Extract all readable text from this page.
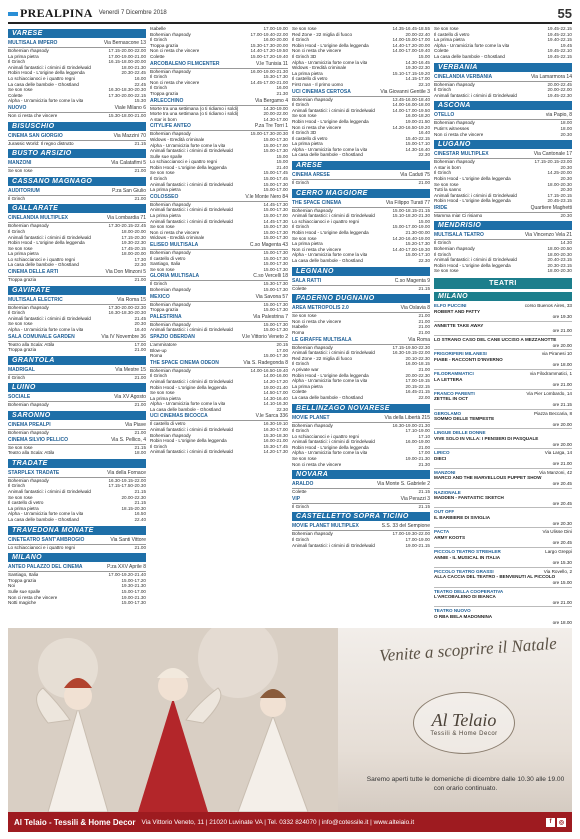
PREALPINA Venerdì 7 Dicembre 2018	55
VARESE
MULTISALA IMPERO	Via Bernascone 13
Bohemian rhapsody	17.15-20.00-22.00
La prima pietra	17.00-19.00-21.00
Il Grinch	16.15-18.00-20.00
Animali fantastici: i crimini di Grindelwald	18.00-21.30
Robin Hood - L'origine della leggenda	20.30-22.45
Lo schiaccianoci e i quattro regni	16.00
La casa delle bambole - Ghostland	22.45
Se son rose	16.30-18.30-20.30
Colette	17.30-20.00-22.15
Alpha - Un'amicizia forte come la vita	15.30
NUOVO	Viale Milano 6
Non ci resta che vincere	15.30-18.00-21.00
BISUSCHIO
CINEMA SAN GIORGIO	Via Mazzini 70
Jurassic World: Il regno distrutto	21.15
BUSTO ARSIZIO
MANZONI	Via Calatafimi 5
Se son rose	21.00
CASSANO MAGNAGO
AUDITORIUM	P.za San Giulio
Il Grinch	21.00
GALLARATE
CINELANDIA MULTIPLEX	Via Lombardia 71
Bohemian rhapsody	17.30-20.15-22.45
Il Grinch	18.00-20.00
Animali fantastici: i crimini di Grindelwald	17.15-20.30
Robin Hood - L'origine della leggenda	19.30-22.30
Se son rose	17.45-20.15
La prima pietra	18.00-20.00
Lo schiaccianoci e i quattro regni	17.30
La casa delle bambole - Ghostland	22.30
CINEMA DELLE ARTI	Via Don Minzoni 5
Troppa grazia	21.00
GAVIRATE
MULTISALA ELECTRIC	Via Roma 15
Bohemian rhapsody	17.30-20.00-22.30
Il Grinch	16.30-18.30-20.30
Animali fantastici: i crimini di Grindelwald	21.45
Se son rose	20.30
Alpha - Un'amicizia forte come la vita	16.40
SALA COMUNALE GARDEN	Via IV Novembre 36
Teatro alla Scala: Attila	17.00
Troppa grazia	21.00
GRANTOLA
MADRIGAL	Via Mestre 15
Il Grinch	21.00
LUINO
SOCIALE	Via XV Agosto
Bohemian rhapsody	21.00
SARONNO
CINEMA PREALPI	Via Piave
Bohemian rhapsody	21.00
CINEMA SILVIO PELLICO	Via S. Pellico, 4
Se son rose	21.15
Teatro alla Scala: Attila	18.00
TRADATE
STARPLEX TRADATE	Via della Fornace
Bohemian rhapsody	16.30-19.15-22.00
Il Grinch	17.15-17.50-20.30
Animali fantastici: i crimini di Grindelwald	21.15
Se son rose	20.00-22.30
Il castello di vetro	21.15
La prima pietra	18.15-20.30
Alpha - Un'amicizia forte come la vita	16.50
La casa delle bambole - Ghostland	22.40
TRAVEDONA MONATE
CINETEATRO SANT'AMBROGIO	Via Santi Vittore
Lo schiaccianoci e i quattro regni	21.00
MILANO
ANTEO PALAZZO DEL CINEMA	P.za XXV Aprile 8
Santiago, Italia	17.00-19.20-21.40
Troppa grazia	15.00-17.20
Noi	19.30-21.30
Sulle sue spalle	15.00-17.00
Non ci resta che vincere	19.00-21.30
Notti magiche	15.00-17.30
Isabelle	17.00-19.00
Bohemian rhapsody	17.00-19.40-22.00
Il Grinch	16.00-20.00
Troppa grazia	15.30-17.30-20.00
Non ci resta che vincere	14.40-17.20-19.50
Colette	15.00-17.20-19.40
ARCOBALENO FILMCENTER	V.le Tunisia 11
Bohemian rhapsody	16.00-19.00-21.30
Il Grinch	15.30-17.30
Non ci resta che vincere	14.45-17.00-21.00
Il Grinch	16.00
Troppa grazia	21.30
ARLECCHINO	Via Bergamo 4
Morte tra una settimana (o ti ridiamo i soldi)	14.30-19.00
Morte tra una settimana (o ti ridiamo i soldi)	20.00-22.00
A star is born	14.30-17.00
CITYLIFE ANTEO	P.za Tre Torri 1
Bohemian rhapsody	15.00-17.30-20.30
Widows - Eredità criminale	15.00-17.30
Alpha - Un'amicizia forte come la vita	15.00-17.00
Animali fantastici: i crimini di Grindelwald	15.00-17.30
Sulle sue spalle	15.00
Lo schiaccianoci e i quattro regni	15.00
Robin Hood - L'origine della leggenda	21.40
Se son rose	15.00-17.45
Il Grinch	15.00-17.45
Animali fantastici: i crimini di Grindelwald	15.00-17.30
La prima pietra	15.00-17.00
COLOSSEO	V.le Monte Nero 84
Bohemian rhapsody	14.45-17.30
Animali fantastici: i crimini di Grindelwald	15.00-17.30
La prima pietra	15.00-17.00
Animali fantastici: i crimini di Grindelwald	14.45-17.30
Se son rose	15.00-17.30
Non ci resta che vincere	15.00-17.30
Widows - Eredità criminale	15.00-17.30
ELISEO MULTISALA	C.so Magenta 43
Bohemian rhapsody	15.00-17.30
Il castello di vetro	15.00-17.30
Santiago, Italia	15.00-17.30
Se son rose	15.00-17.30
GLORIA MULTISALA	C.so Vercelli 18
Il Grinch	15.30-17.30
Bohemian rhapsody	15.00-17.30
MEXICO	Via Savona 57
Bohemian rhapsody	15.00-17.30
Troppa grazia	15.00-17.30
PALESTRINA	Via Palestrina 7
Bohemian rhapsody	15.00-17.30
Animali fantastici: i crimini di Grindelwald	15.00-17.30
SPAZIO OBERDAN	V.le Vittorio Veneto 2
L'ammiratore	20.15
Blow-up	17.00
Roma	15.00-17.30
THE SPACE CINEMA ODEON	Via S. Radegonda 8
Bohemian rhapsody	14.00-16.50-19.40
Il Grinch	14.00-16.00
Animali fantastici: i crimini di Grindelwald	14.20-17.20
Robin Hood - L'origine della leggenda	19.00-21.40
Se son rose	14.50-17.00
La prima pietra	14.30-16.40
Alpha - Un'amicizia forte come la vita	14.10-16.30
La casa delle bambole - Ghostland	22.30
UCI CINEMAS BICOCCA	V.le Sarca 336
Il castello di vetro	16.30-19.10
Animali fantastici: i crimini di Grindelwald	16.30-17.00
Bohemian rhapsody	15.30-18.30
Robin Hood - L'origine della leggenda	16.00-21.00
Il Grinch	15.30-17.45
Animali fantastici: i crimini di Grindelwald	14.20-17.30
Se son rose	14.35-16.45-18.55
Red Zone - 22 miglia di fuoco	20.00-22.40
Il Grinch	14.00-15.00-17.00
Robin Hood - L'origine della leggenda	14.40-17.20-20.00
Non ci resta che vincere	14.00-17.00-19.40
Il Grinch 3D	15.00
Alpha - Un'amicizia forte come la vita	14.30-16.45
Widows - Eredità criminale	19.30-22.30
La prima pietra	15.10-17.15-19.20
Il castello di vetro	14.15-17.00
First man - Il primo uomo	22.10
UCI CINEMAS CERTOSA	Via Giovanni Gentile 3
Bohemian rhapsody	13.45-16.00-18.40
Il Grinch	14.00-16.00-18.00
Animali fantastici: i crimini di Grindelwald	14.00-17.00-19.50
Se son rose	16.00-18.20
Robin Hood - L'origine della leggenda	19.00-21.50
Non ci resta che vincere	14.20-16.50-19.20
Il Grinch 3D	16.40
Il castello di vetro	15.40-22.15
La prima pietra	15.00-17.10
Alpha - Un'amicizia forte come la vita	14.30-16.40
La casa delle bambole - Ghostland	22.30
ARESE
CINEMA ARESE	Via Caduti 75
Il Grinch	21.00
CERRO MAGGIORE
THE SPACE CINEMA	Via Filippo Turati 77
Bohemian rhapsody	15.00-18.15-21.15
Animali fantastici: i crimini di Grindelwald	15.10-18.20-21.30
Lo schiaccianoci e i quattro regni	15.00
Il Grinch	15.00-17.00-19.00
Robin Hood - L'origine della leggenda	21.30-00.00
Se son rose	14.20-16.40-19.00
La prima pietra	15.20-17.30
Non ci resta che vincere	14.40-17.00-19.30
Alpha - Un'amicizia forte come la vita	15.00-17.10
La casa delle bambole - Ghostland	22.30
LEGNANO
SALA RATTI	C.so Magenta 9
Colette	21.15
PADERNO DUGNANO
AREA METROPOLIS 2.0	Via Oslavia 8
Se son rose	21.00
Non ci resta che vincere	21.00
Isabelle	21.00
Roma	21.00
LE GIRAFFE MULTISALA	Via Roma
Bohemian rhapsody	17.15-19.50-22.30
Animali fantastici: i crimini di Grindelwald	16.30-19.15-22.00
Red Zone - 22 miglia di fuoco	20.10-22.30
Il Grinch	16.00-18.15
A private war	21.00
Robin Hood - L'origine della leggenda	20.00-22.30
Alpha - Un'amicizia forte come la vita	17.00-19.15
La prima pietra	20.15-22.15
Colette	16.45-21.15
La casa delle bambole - Ghostland	22.00
BELLINZAGO NOVARESE
MOVIE PLANET	Via della Libertà 215
Bohemian rhapsody	16.30-19.00-21.30
Il Grinch	17.10-19.00
Lo schiaccianoci e i quattro regni	17.10
Animali fantastici: i crimini di Grindelwald	16.00-19.00
Robin Hood - L'origine della leggenda	21.00
Alpha - Un'amicizia forte come la vita	17.00
Se son rose	19.00-21.30
Non ci resta che vincere	21.30
NOVARA
ARALDO	Via Monte S. Gabriele 2
Colette	21.15
VIP	Via Perazzi 3
Il Grinch	21.15
CASTELLETTO SOPRA TICINO
MOVIE PLANET MULTIPLEX	S.S. 33 del Sempione
Bohemian rhapsody	17.00-19.30-22.00
Il Grinch	17.00-19.00
Animali fantastici: i crimini di Grindelwald	19.00-21.15
Se son rose	19.45-22.15
Il castello di vetro	19.45-22.10
La prima pietra	19.40-22.15
Alpha - Un'amicizia forte come la vita	19.45
Colette	19.45-22.10
La casa delle bambole - Ghostland	19.45-22.15
VERBANIA
CINELANDIA VERBANIA	Via Lamarmora 14
Bohemian rhapsody	20.00-22.45
Il Grinch	20.00-22.00
Animali fantastici: i crimini di Grindelwald	19.45-22.30
ASCONA
OTELLO	via Papio, 8
Bohemian rhapsody	18.00
Putin's witnesses	18.00
Non ci resta che vincere	20.30
LUGANO
CINESTAR MULTIPLEX	Via Cantonale 17
Bohemian rhapsody	17.15-20.15-23.00
A star is born	20.30
Il Grinch	14.25-20.00
Robin Hood - L'origine della leggenda	20.30
Se son rose	18.00-20.30
Tutti la sanno	20.30
Animali fantastici: i crimini di Grindelwald	17.15-20.15
Robin Hood - L'origine della leggenda	20.45-23.15
IRIDE	Quartiere Maghetti
Mamma mia! Ci risiamo	20.30
MENDRISIO
MULTISALA TEATRO	Via Vincenzo Vela 21
Il Grinch	14.30
Bohemian rhapsody	18.00-20.50
Il Grinch	18.00-20.30
Animali fantastici: i crimini di Grindelwald	20.40-23.15
Robin Hood - L'origine della leggenda	20.30-23.15
Se son rose	18.00-20.30
TEATRI
MILANO
ELFO PUCCINI	corso Buenos Aires, 33
ROBERT AND PATTY
ore 19.30
ANNETTE TAKE AWAY
ore 21.00
LO STRANO CASO DEL CANE UCCISO A MEZZANOTTE
ore 20.00
FRIGORIFERI MILANESI	via Piranesi 10
FIABE - RACCONTI D'INVERNO
ore 18.00
FILODRAMMATICI	via Filodrammatici, 1
LA LETTERA
ore 21.00
FRANCO PARENTI	Via Pier Lombardo, 14
ZETTEL IN OCT
ore 21.15
GEROLAMO	Piazza Beccaria, 8
SOMMO DELLE TEMPESTE
ore 20.00
LINGUE DELLE DONNE
VIVE SOLO IN VILLA: I PENSIERI DI PASQUALE
ore 20.00
LIRICO	Via Larga, 14
DIECI
ore 21.00
MANZONI	Via Manzoni, 42
MARCO AND THE MARVELLOUS PUPPET SHOW
ore 20.45
NAZIONALE
MADDEN - FANTASTIC SKETCH
ore 20.45
OUT OFF
IL BARBIERE DI SIVIGLIA
ore 20.30
PACTA	Via Ulisse Dini
ARMY KOOTS
ore 20.45
PICCOLO TEATRO STREHLER	Largo Greppi
ANNIE - IL MUSICAL IN ITALIA
ore 15.30
PICCOLO TEATRO GRASSI	Via Rovello, 2
ALLA CACCIA DEL TEATRO - BENVENUTI AL PICCOLO
ore 15.00
TEATRO DELLA COOPERATIVA
L'ARCOBALENO DI BIANCA
ore 21.00
TEATRO NUOVO
O RBA BELA MADONNINA
ore 18.00
Venite a scoprire il Natale
Al Telaio
Tessili & Home Decor
Saremo aperti tutte le domeniche di dicembre dalle 10.30 alle 19.00 con orario continuato.
Al Telaio - Tessili & Home Decor Via Vittorio Veneto, 11 | 21020 Luvinate VA | Tel. 0332 824070 | info@cotessile.it | www.alteiaio.it	f	◎
